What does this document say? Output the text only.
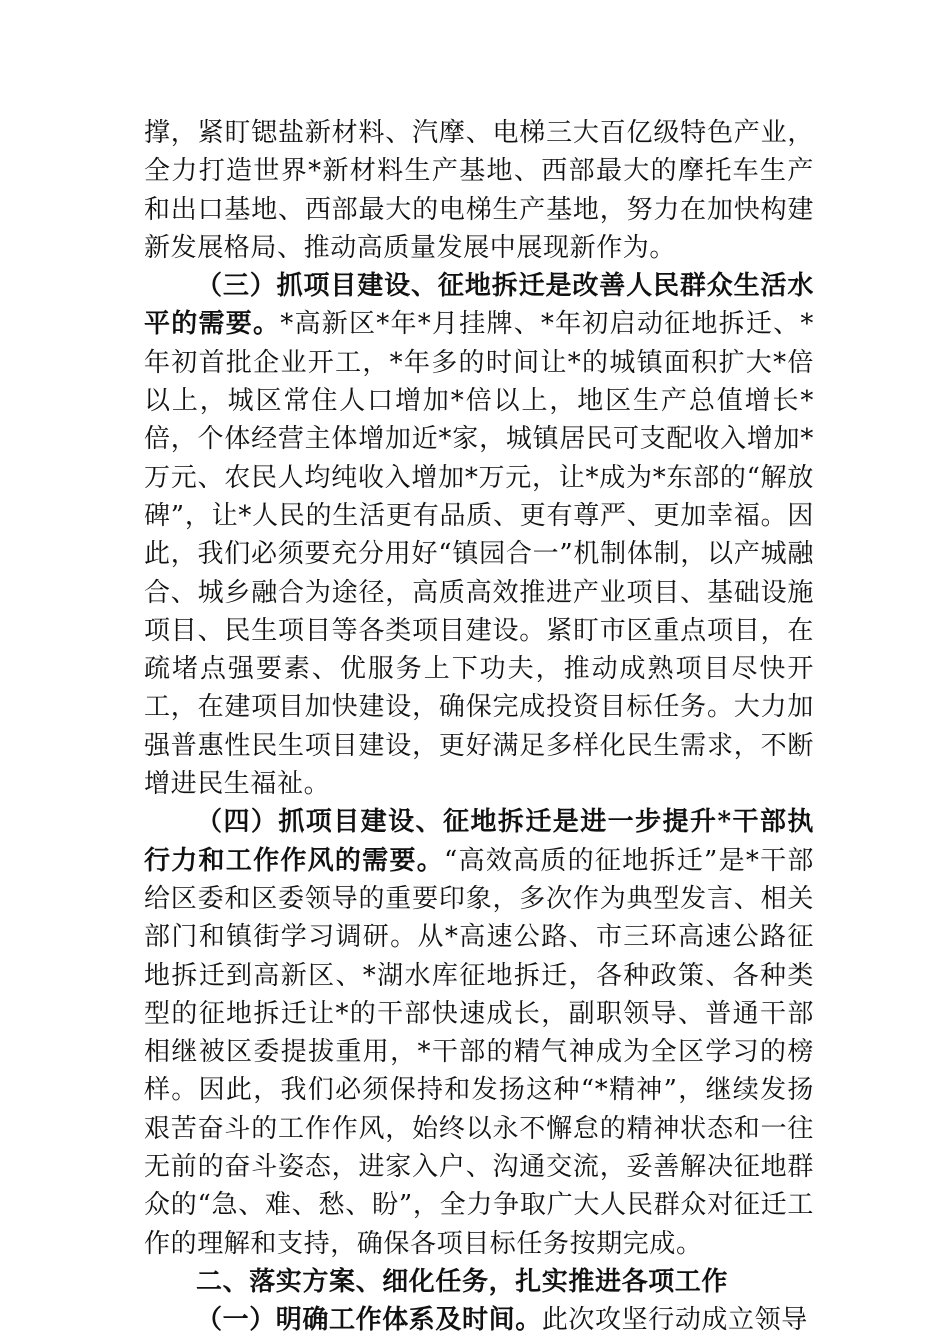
撑，紧盯锶盐新材料、汽摩、电梯三大百亿级特色产业，全力打造世界*新材料生产基地、西部最大的摩托车生产和出口基地、西部最大的电梯生产基地，努力在加快构建新发展格局、推动高质量发展中展现新作为。

（三）抓项目建设、征地拆迁是改善人民群众生活水平的需要。*高新区*年*月挂牌、*年初启动征地拆迁、*年初首批企业开工，*年多的时间让*的城镇面积扩大*倍以上，城区常住人口增加*倍以上，地区生产总值增长*倍，个体经营主体增加近*家，城镇居民可支配收入增加*万元、农民人均纯收入增加*万元，让*成为*东部的“解放碑”，让*人民的生活更有品质、更有尊严、更加幸福。因此，我们必须要充分用好“镇园合一”机制体制，以产城融合、城乡融合为途径，高质高效推进产业项目、基础设施项目、民生项目等各类项目建设。紧盯市区重点项目，在疏堵点强要素、优服务上下功夫，推动成熟项目尽快开工，在建项目加快建设，确保完成投资目标任务。大力加强普惠性民生项目建设，更好满足多样化民生需求，不断增进民生福祉。

（四）抓项目建设、征地拆迁是进一步提升*干部执行力和工作作风的需要。“高效高质的征地拆迁”是*干部给区委和区委领导的重要印象，多次作为典型发言、相关部门和镇街学习调研。从*高速公路、市三环高速公路征地拆迁到高新区、*湖水库征地拆迁，各种政策、各种类型的征地拆迁让*的干部快速成长，副职领导、普通干部相继被区委提拔重用，*干部的精气神成为全区学习的榜样。因此，我们必须保持和发扬这种“*精神”，继续发扬艰苦奋斗的工作作风，始终以永不懈怠的精神状态和一往无前的奋斗姿态，进家入户、沟通交流，妥善解决征地群众的“急、难、愁、盼”，全力争取广大人民群众对征迁工作的理解和支持，确保各项目标任务按期完成。

二、落实方案、细化任务，扎实推进各项工作

（一）明确工作体系及时间。此次攻坚行动成立领导
